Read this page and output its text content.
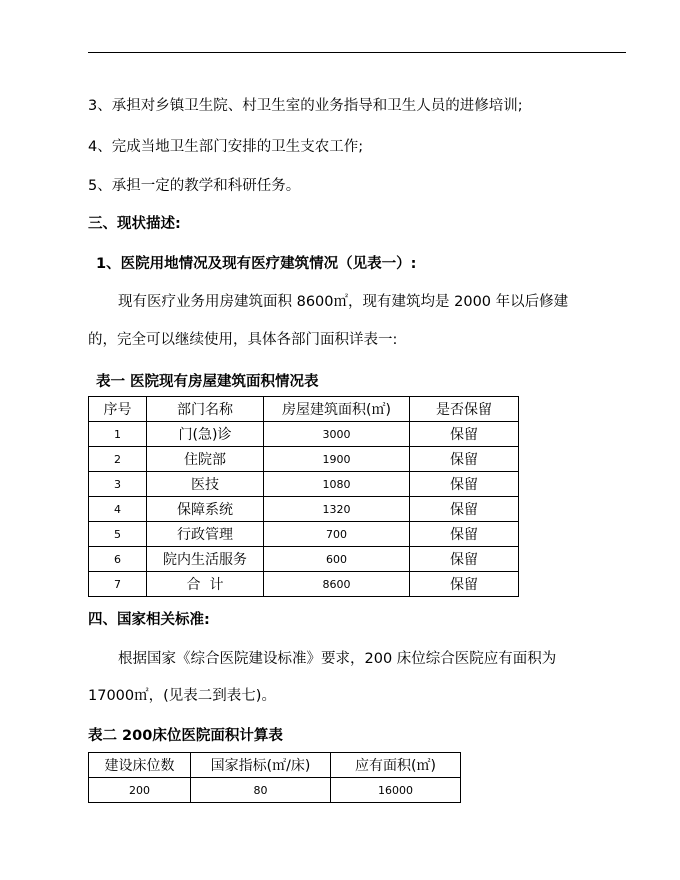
3、承担对乡镇卫生院、村卫生室的业务指导和卫生人员的进修培训;
4、完成当地卫生部门安排的卫生支农工作;
5、承担一定的教学和科研任务。
三、现状描述:
1、医院用地情况及现有医疗建筑情况（见表一）:
现有医疗业务用房建筑面积 8600㎡，现有建筑均是 2000 年以后修建
的，完全可以继续使用，具体各部门面积详表一:
表一 医院现有房屋建筑面积情况表
序号	部门名称	房屋建筑面积(㎡)	是否保留
1	门(急)诊	3000	保留
2	住院部	1900	保留
3	医技	1080	保留
4	保障系统	1320	保留
5	行政管理	700	保留
6	院内生活服务	600	保留
7	合  计	8600	保留
四、国家相关标准:
根据国家《综合医院建设标准》要求，200 床位综合医院应有面积为
17000㎡，(见表二到表七)。
表二 200床位医院面积计算表
建设床位数	国家指标(㎡/床)	应有面积(㎡)
200	80	16000
